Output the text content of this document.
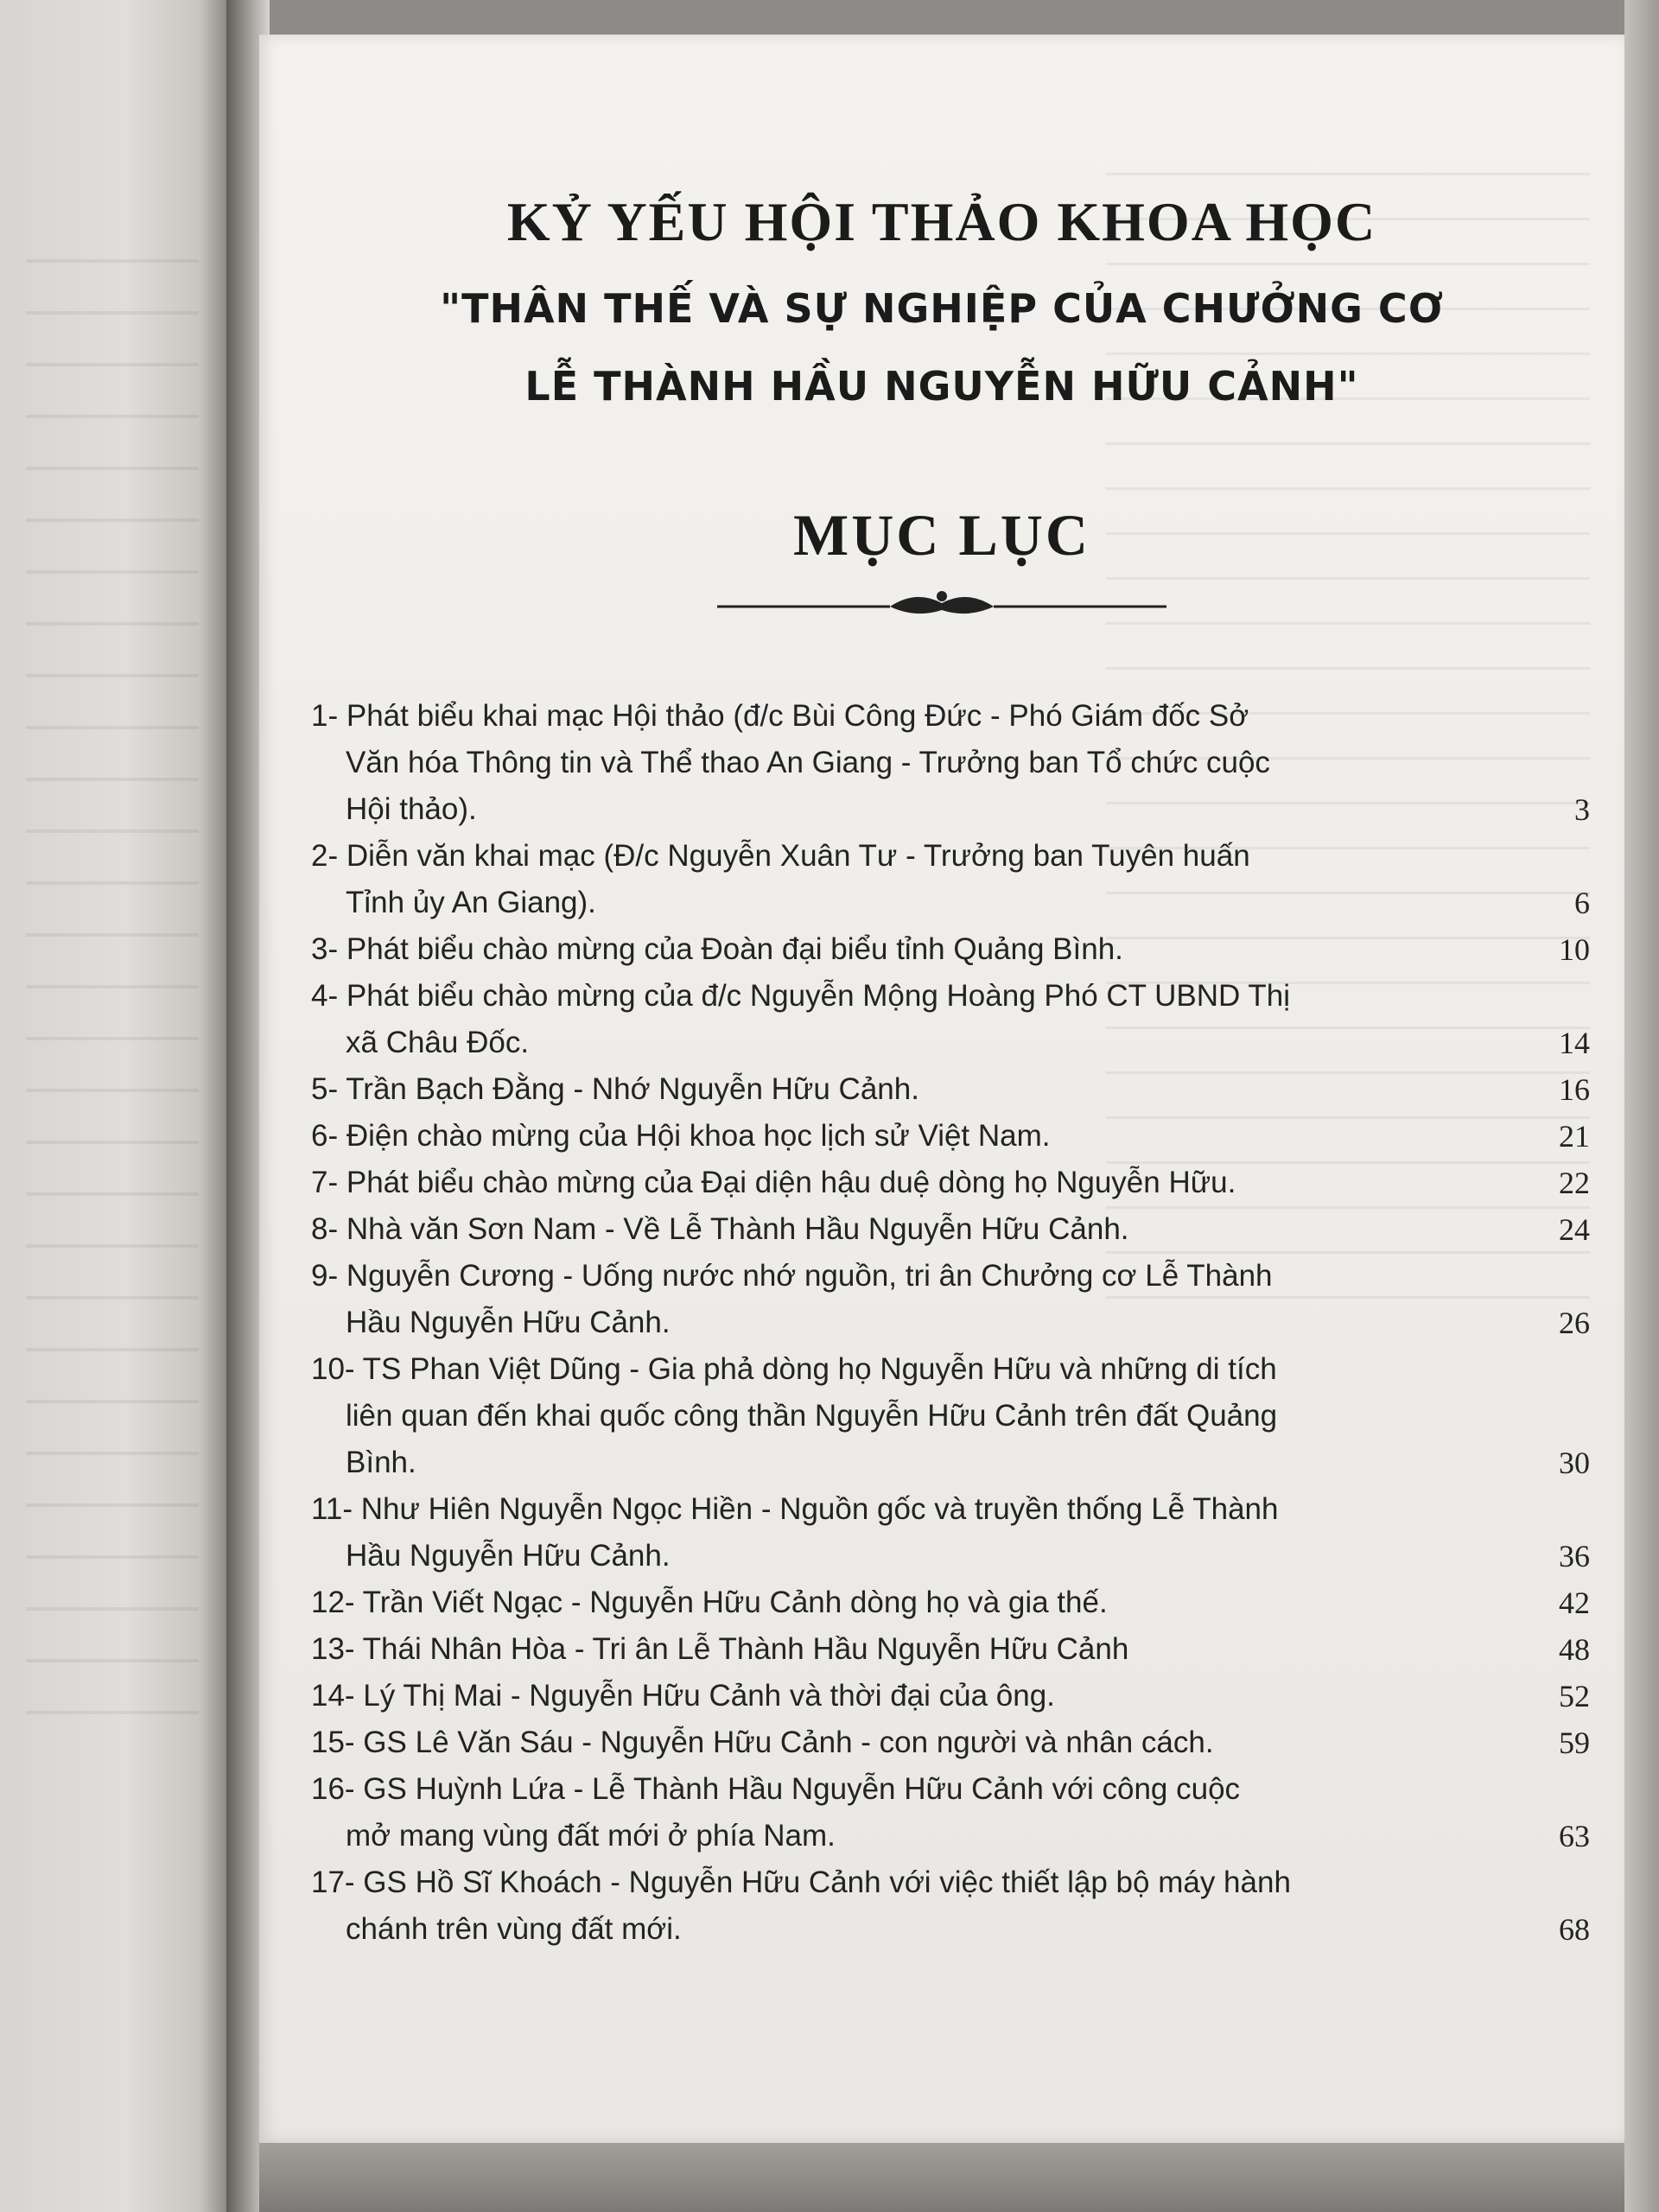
KỶ YẾU HỘI THẢO KHOA HỌC
"THÂN THẾ VÀ SỰ NGHIỆP CỦA CHƯỞNG CƠ
LỄ THÀNH HẦU NGUYỄN HỮU CẢNH"
MỤC LỤC
1- Phát biểu khai mạc Hội thảo (đ/c Bùi Công Đức - Phó Giám đốc Sở

Văn hóa Thông tin và Thể thao An Giang - Trưởng ban Tổ chức cuộc
Hội thảo).	3
2- Diễn văn khai mạc (Đ/c Nguyễn Xuân Tư - Trưởng ban Tuyên huấn

Tỉnh ủy An Giang).	6
3- Phát biểu chào mừng của Đoàn đại biểu tỉnh Quảng Bình.	10
4- Phát biểu chào mừng của đ/c Nguyễn Mộng Hoàng Phó CT UBND Thị

xã Châu Đốc.	14
5- Trần Bạch Đằng - Nhớ Nguyễn Hữu Cảnh.	16
6- Điện chào mừng của Hội khoa học lịch sử Việt Nam.	21
7- Phát biểu chào mừng của Đại diện hậu duệ dòng họ Nguyễn Hữu.	22
8- Nhà văn Sơn Nam - Về Lễ Thành Hầu Nguyễn Hữu Cảnh.	24
9- Nguyễn Cương - Uống nước nhớ nguồn, tri ân Chưởng cơ Lễ Thành

Hầu Nguyễn Hữu Cảnh.	26
10- TS Phan Việt Dũng - Gia phả dòng họ Nguyễn Hữu và những di tích

liên quan đến khai quốc công thần Nguyễn Hữu Cảnh trên đất Quảng
Bình.	30
11- Như Hiên Nguyễn Ngọc Hiền - Nguồn gốc và truyền thống Lễ Thành

Hầu Nguyễn Hữu Cảnh.	36
12- Trần Viết Ngạc - Nguyễn Hữu Cảnh dòng họ và gia thế.	42
13- Thái Nhân Hòa - Tri ân Lễ Thành Hầu Nguyễn Hữu Cảnh	48
14- Lý Thị Mai - Nguyễn Hữu Cảnh và thời đại của ông.	52
15- GS Lê Văn Sáu - Nguyễn Hữu Cảnh - con người và nhân cách.	59
16- GS Huỳnh Lứa - Lễ Thành Hầu Nguyễn Hữu Cảnh với công cuộc

mở mang vùng đất mới ở phía Nam.	63
17- GS Hồ Sĩ Khoách - Nguyễn Hữu Cảnh với việc thiết lập bộ máy hành

chánh trên vùng đất mới.	68
